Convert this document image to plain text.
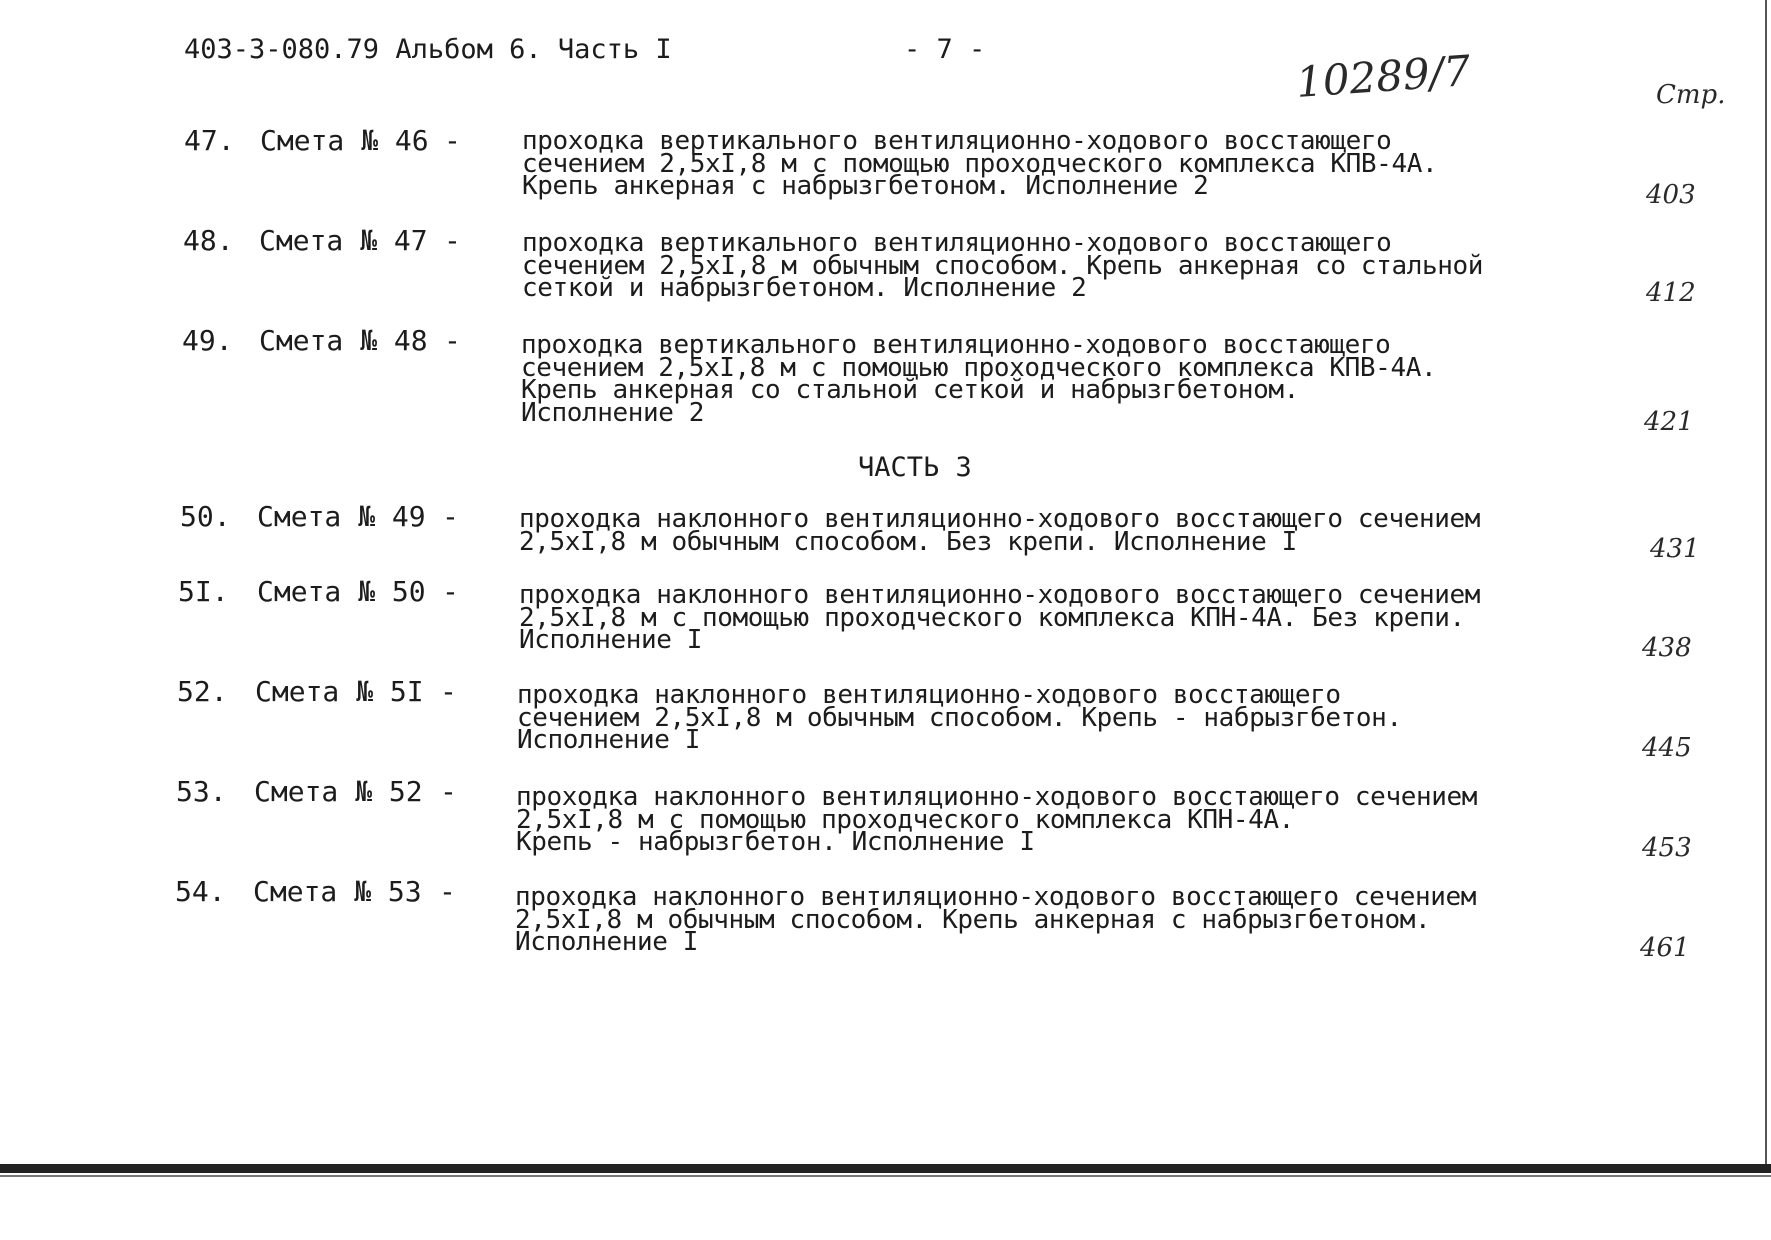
403-3-080.79 Альбом 6. Часть I	- 7 -	10289/7	Стр.
47. Смета № 46 - проходка вертикального вентиляционно-ходового восстающего
сечением 2,5хI,8 м с помощью проходческого комплекса КПВ-4А.
Крепь анкерная с набрызгбетоном. Исполнение 2	403
48. Смета № 47 - проходка вертикального вентиляционно-ходового восстающего
сечением 2,5хI,8 м обычным способом. Крепь анкерная со стальной
сеткой и набрызгбетоном. Исполнение 2	412
49. Смета № 48 - проходка вертикального вентиляционно-ходового восстающего
сечением 2,5хI,8 м с помощью проходческого комплекса КПВ-4А.
Крепь анкерная со стальной сеткой и набрызгбетоном.
Исполнение 2	421
ЧАСТЬ 3
50. Смета № 49 - проходка наклонного вентиляционно-ходового восстающего сечением
2,5хI,8 м обычным способом. Без крепи. Исполнение I	431
5I. Смета № 50 - проходка наклонного вентиляционно-ходового восстающего сечением
2,5хI,8 м с помощью проходческого комплекса КПН-4А. Без крепи.
Исполнение I	438
52. Смета № 5I - проходка наклонного вентиляционно-ходового восстающего
сечением 2,5хI,8 м обычным способом. Крепь - набрызгбетон.
Исполнение I	445
53. Смета № 52 - проходка наклонного вентиляционно-ходового восстающего сечением
2,5хI,8 м с помощью проходческого комплекса КПН-4А.
Крепь - набрызгбетон. Исполнение I	453
54. Смета № 53 - проходка наклонного вентиляционно-ходового восстающего сечением
2,5хI,8 м обычным способом. Крепь анкерная с набрызгбетоном.
Исполнение I	461
